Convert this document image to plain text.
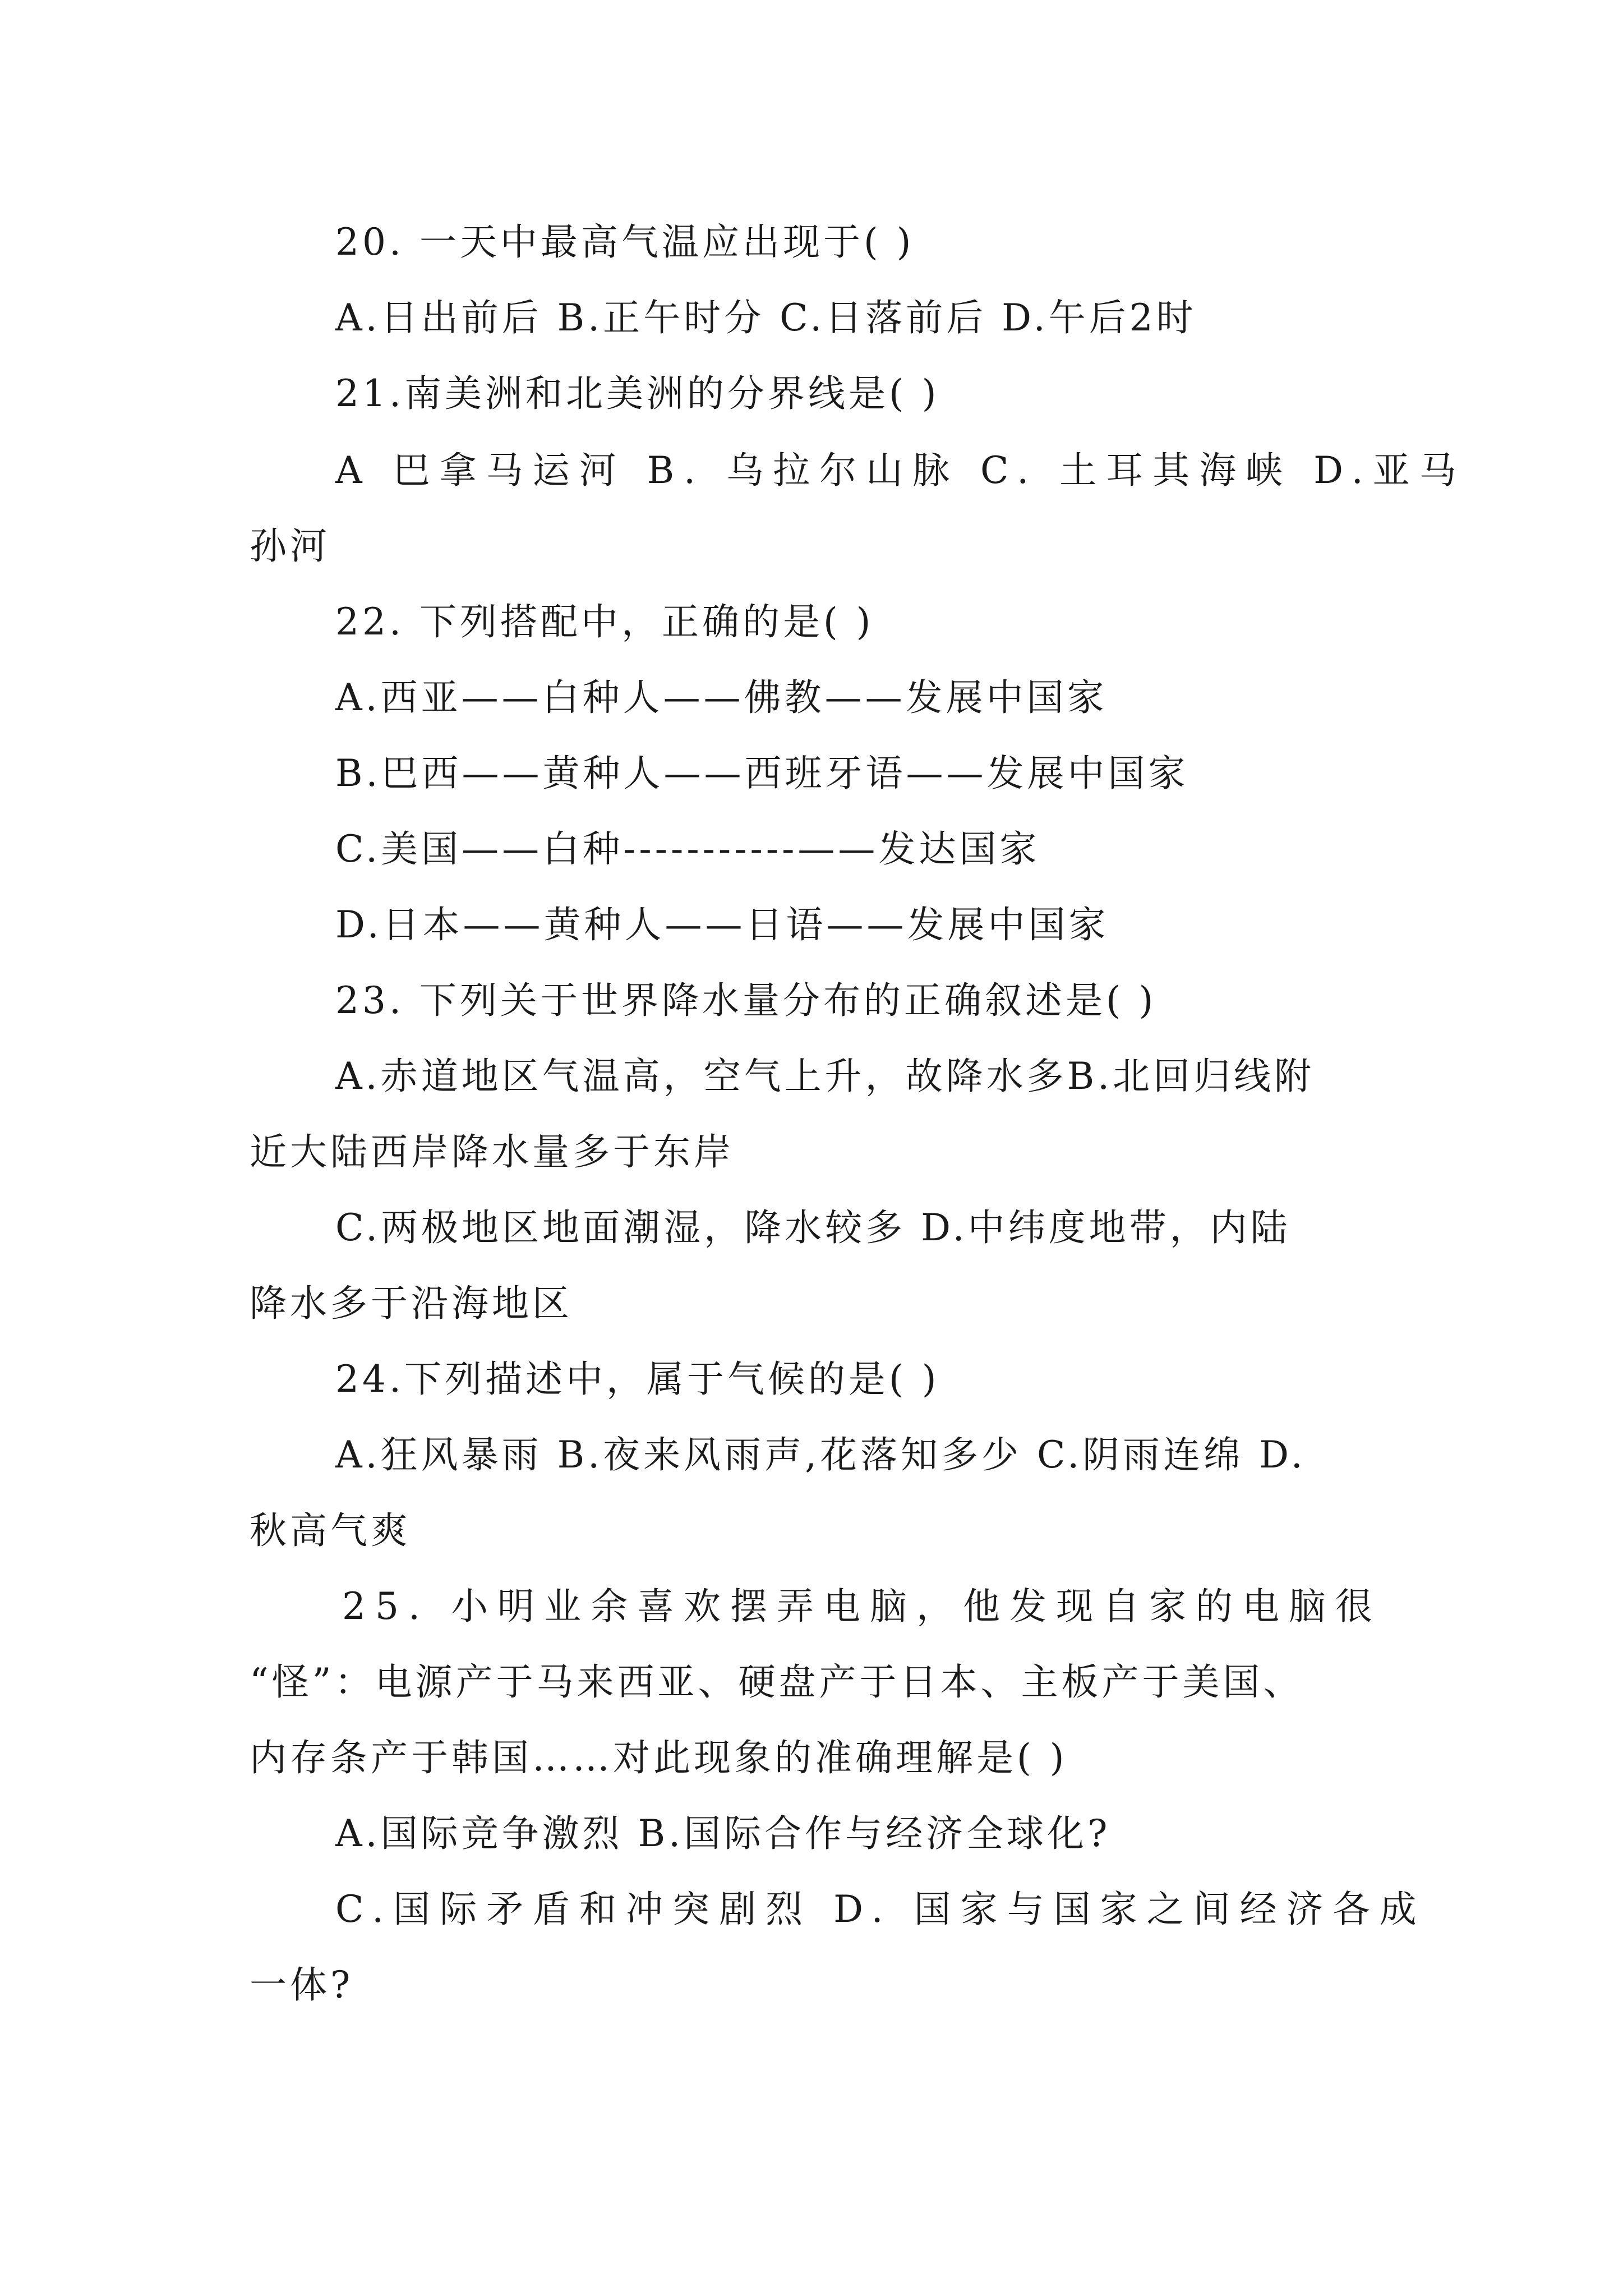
20. 一天中最高气温应出现于( )
A.日出前后 B.正午时分 C.日落前后 D.午后2时
21.南美洲和北美洲的分界线是( )
A 巴拿马运河 B. 乌拉尔山脉 C. 土耳其海峡 D.亚马
孙河
22. 下列搭配中，正确的是( )
A.西亚——白种人——佛教——发展中国家
B.巴西——黄种人——西班牙语——发展中国家
C.美国——白种-----------——发达国家
D.日本——黄种人——日语——发展中国家
23. 下列关于世界降水量分布的正确叙述是( )
A.赤道地区气温高，空气上升，故降水多B.北回归线附
近大陆西岸降水量多于东岸
C.两极地区地面潮湿，降水较多 D.中纬度地带，内陆
降水多于沿海地区
24.下列描述中，属于气候的是( )
A.狂风暴雨 B.夜来风雨声,花落知多少 C.阴雨连绵 D.
秋高气爽
25. 小明业余喜欢摆弄电脑，他发现自家的电脑很
“怪”：电源产于马来西亚、硬盘产于日本、主板产于美国、
内存条产于韩国……对此现象的准确理解是( )
A.国际竞争激烈 B.国际合作与经济全球化?
C.国际矛盾和冲突剧烈 D. 国家与国家之间经济各成
一体?
